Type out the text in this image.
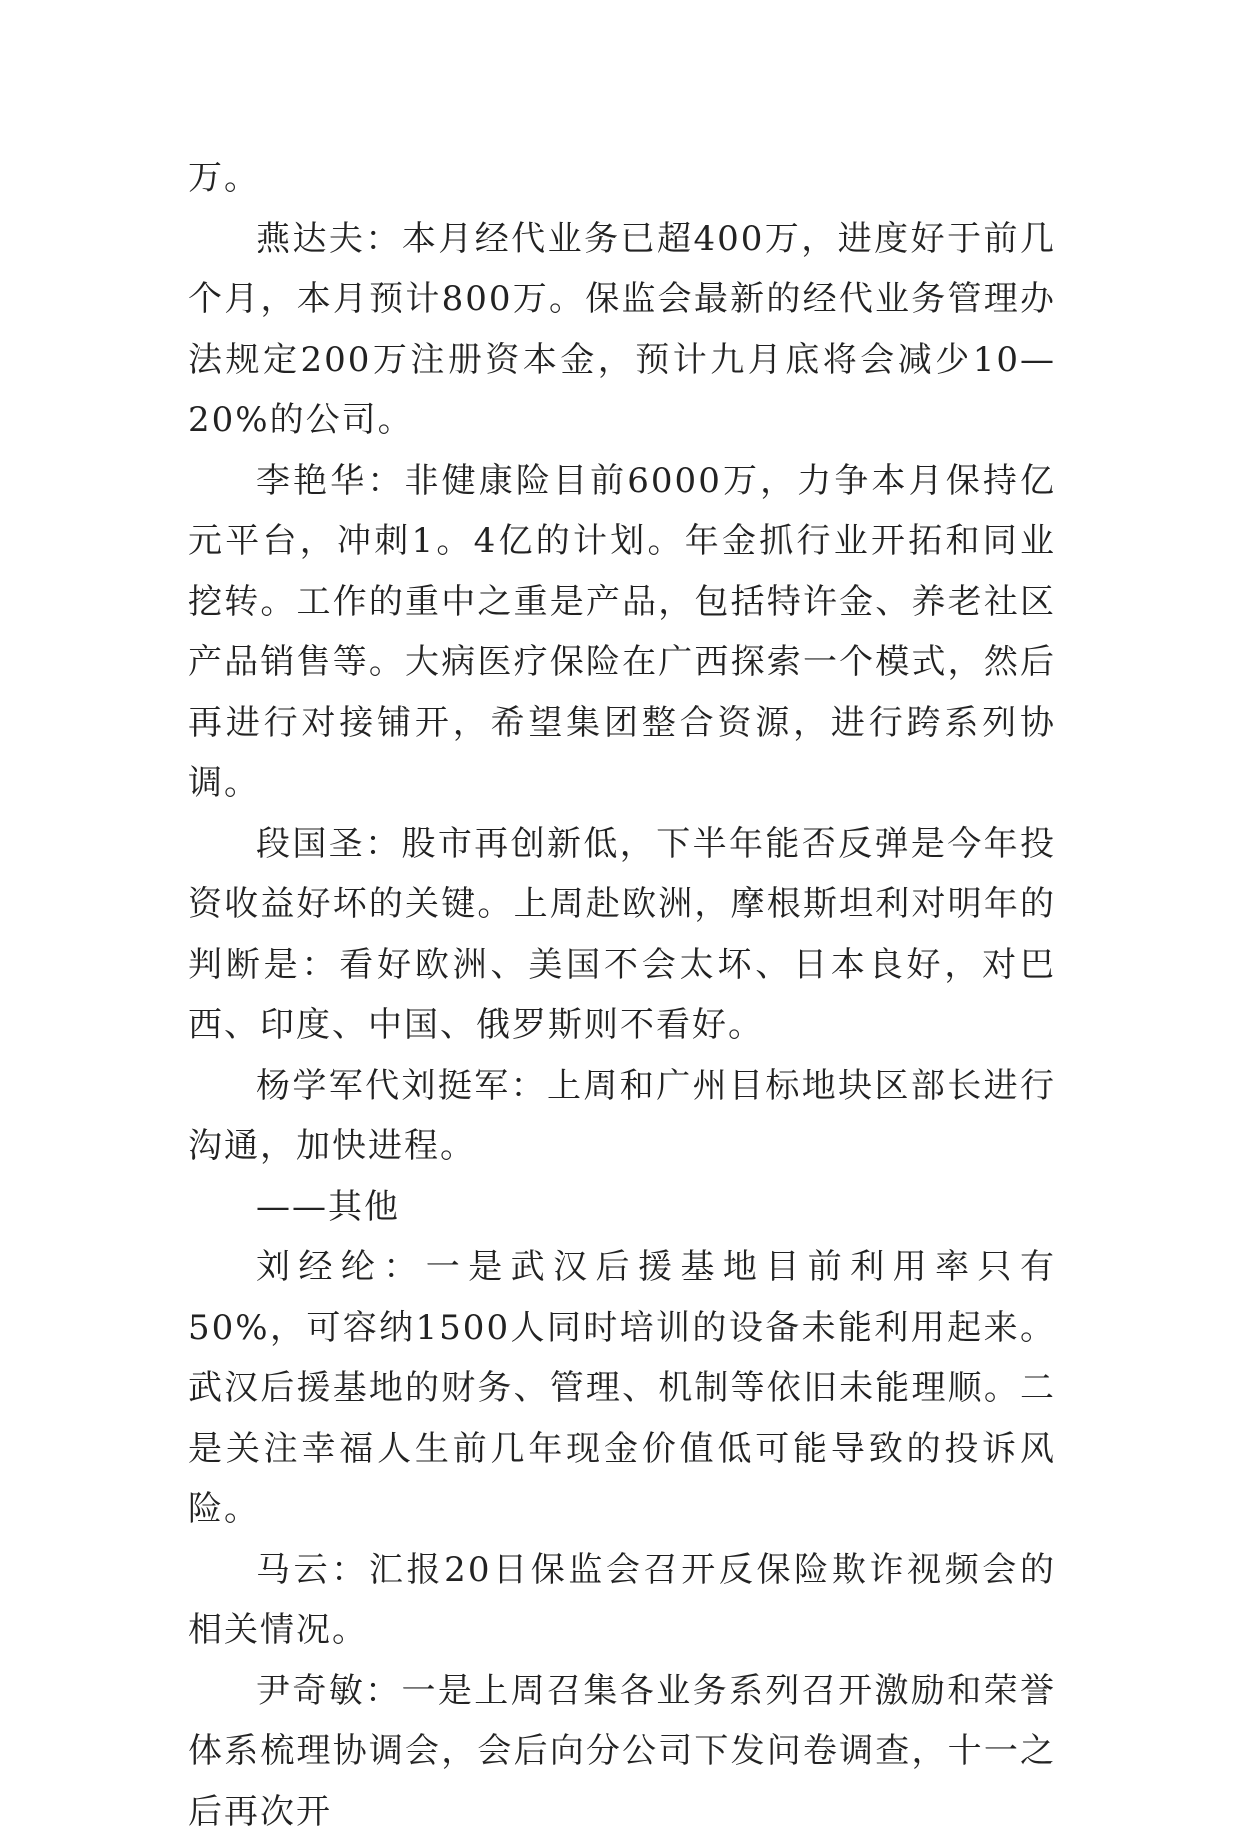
万。

燕达夫：本月经代业务已超400万，进度好于前几个月，本月预计800万。保监会最新的经代业务管理办法规定200万注册资本金，预计九月底将会减少10—20%的公司。

李艳华：非健康险目前6000万，力争本月保持亿元平台，冲刺1。4亿的计划。年金抓行业开拓和同业挖转。工作的重中之重是产品，包括特许金、养老社区产品销售等。大病医疗保险在广西探索一个模式，然后再进行对接铺开，希望集团整合资源，进行跨系列协调。

段国圣：股市再创新低，下半年能否反弹是今年投资收益好坏的关键。上周赴欧洲，摩根斯坦利对明年的判断是：看好欧洲、美国不会太坏、日本良好，对巴西、印度、中国、俄罗斯则不看好。

杨学军代刘挺军：上周和广州目标地块区部长进行沟通，加快进程。

——其他

刘经纶：一是武汉后援基地目前利用率只有50%，可容纳1500人同时培训的设备未能利用起来。武汉后援基地的财务、管理、机制等依旧未能理顺。二是关注幸福人生前几年现金价值低可能导致的投诉风险。

马云：汇报20日保监会召开反保险欺诈视频会的相关情况。

尹奇敏：一是上周召集各业务系列召开激励和荣誉体系梳理协调会，会后向分公司下发问卷调查，十一之后再次开
